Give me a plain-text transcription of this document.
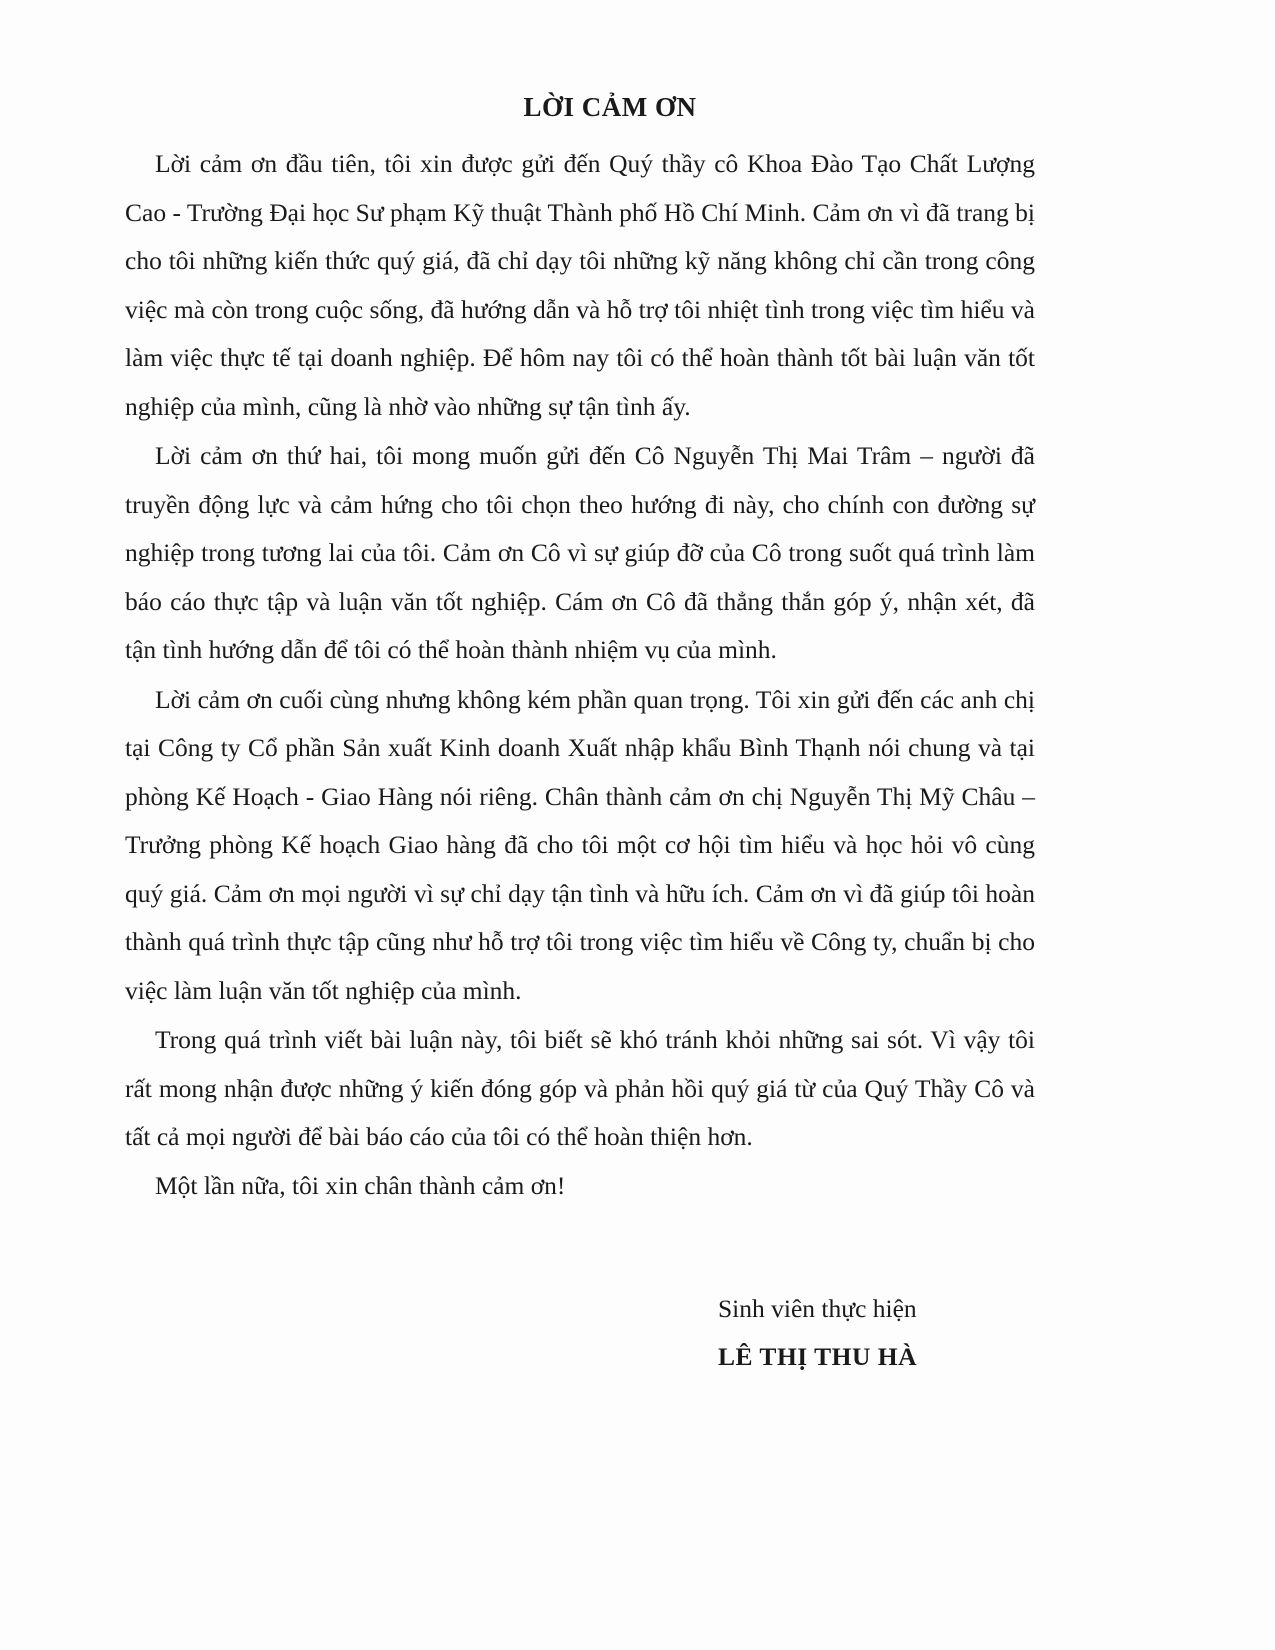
LỜI CẢM ƠN

Lời cảm ơn đầu tiên, tôi xin được gửi đến Quý thầy cô Khoa Đào Tạo Chất Lượng Cao - Trường Đại học Sư phạm Kỹ thuật Thành phố Hồ Chí Minh. Cảm ơn vì đã trang bị cho tôi những kiến thức quý giá, đã chỉ dạy tôi những kỹ năng không chỉ cần trong công việc mà còn trong cuộc sống, đã hướng dẫn và hỗ trợ tôi nhiệt tình trong việc tìm hiểu và làm việc thực tế tại doanh nghiệp. Để hôm nay tôi có thể hoàn thành tốt bài luận văn tốt nghiệp của mình, cũng là nhờ vào những sự tận tình ấy.

Lời cảm ơn thứ hai, tôi mong muốn gửi đến Cô Nguyễn Thị Mai Trâm – người đã truyền động lực và cảm hứng cho tôi chọn theo hướng đi này, cho chính con đường sự nghiệp trong tương lai của tôi. Cảm ơn Cô vì sự giúp đỡ của Cô trong suốt quá trình làm báo cáo thực tập và luận văn tốt nghiệp. Cám ơn Cô đã thẳng thắn góp ý, nhận xét, đã tận tình hướng dẫn để tôi có thể hoàn thành nhiệm vụ của mình.

Lời cảm ơn cuối cùng nhưng không kém phần quan trọng. Tôi xin gửi đến các anh chị tại Công ty Cổ phần Sản xuất Kinh doanh Xuất nhập khẩu Bình Thạnh nói chung và tại phòng Kế Hoạch - Giao Hàng nói riêng. Chân thành cảm ơn chị Nguyễn Thị Mỹ Châu – Trưởng phòng Kế hoạch Giao hàng đã cho tôi một cơ hội tìm hiểu và học hỏi vô cùng quý giá. Cảm ơn mọi người vì sự chỉ dạy tận tình và hữu ích. Cảm ơn vì đã giúp tôi hoàn thành quá trình thực tập cũng như hỗ trợ tôi trong việc tìm hiểu về Công ty, chuẩn bị cho việc làm luận văn tốt nghiệp của mình.

Trong quá trình viết bài luận này, tôi biết sẽ khó tránh khỏi những sai sót. Vì vậy tôi rất mong nhận được những ý kiến đóng góp và phản hồi quý giá từ của Quý Thầy Cô và tất cả mọi người để bài báo cáo của tôi có thể hoàn thiện hơn.

Một lần nữa, tôi xin chân thành cảm ơn!

Sinh viên thực hiện

LÊ THỊ THU HÀ
